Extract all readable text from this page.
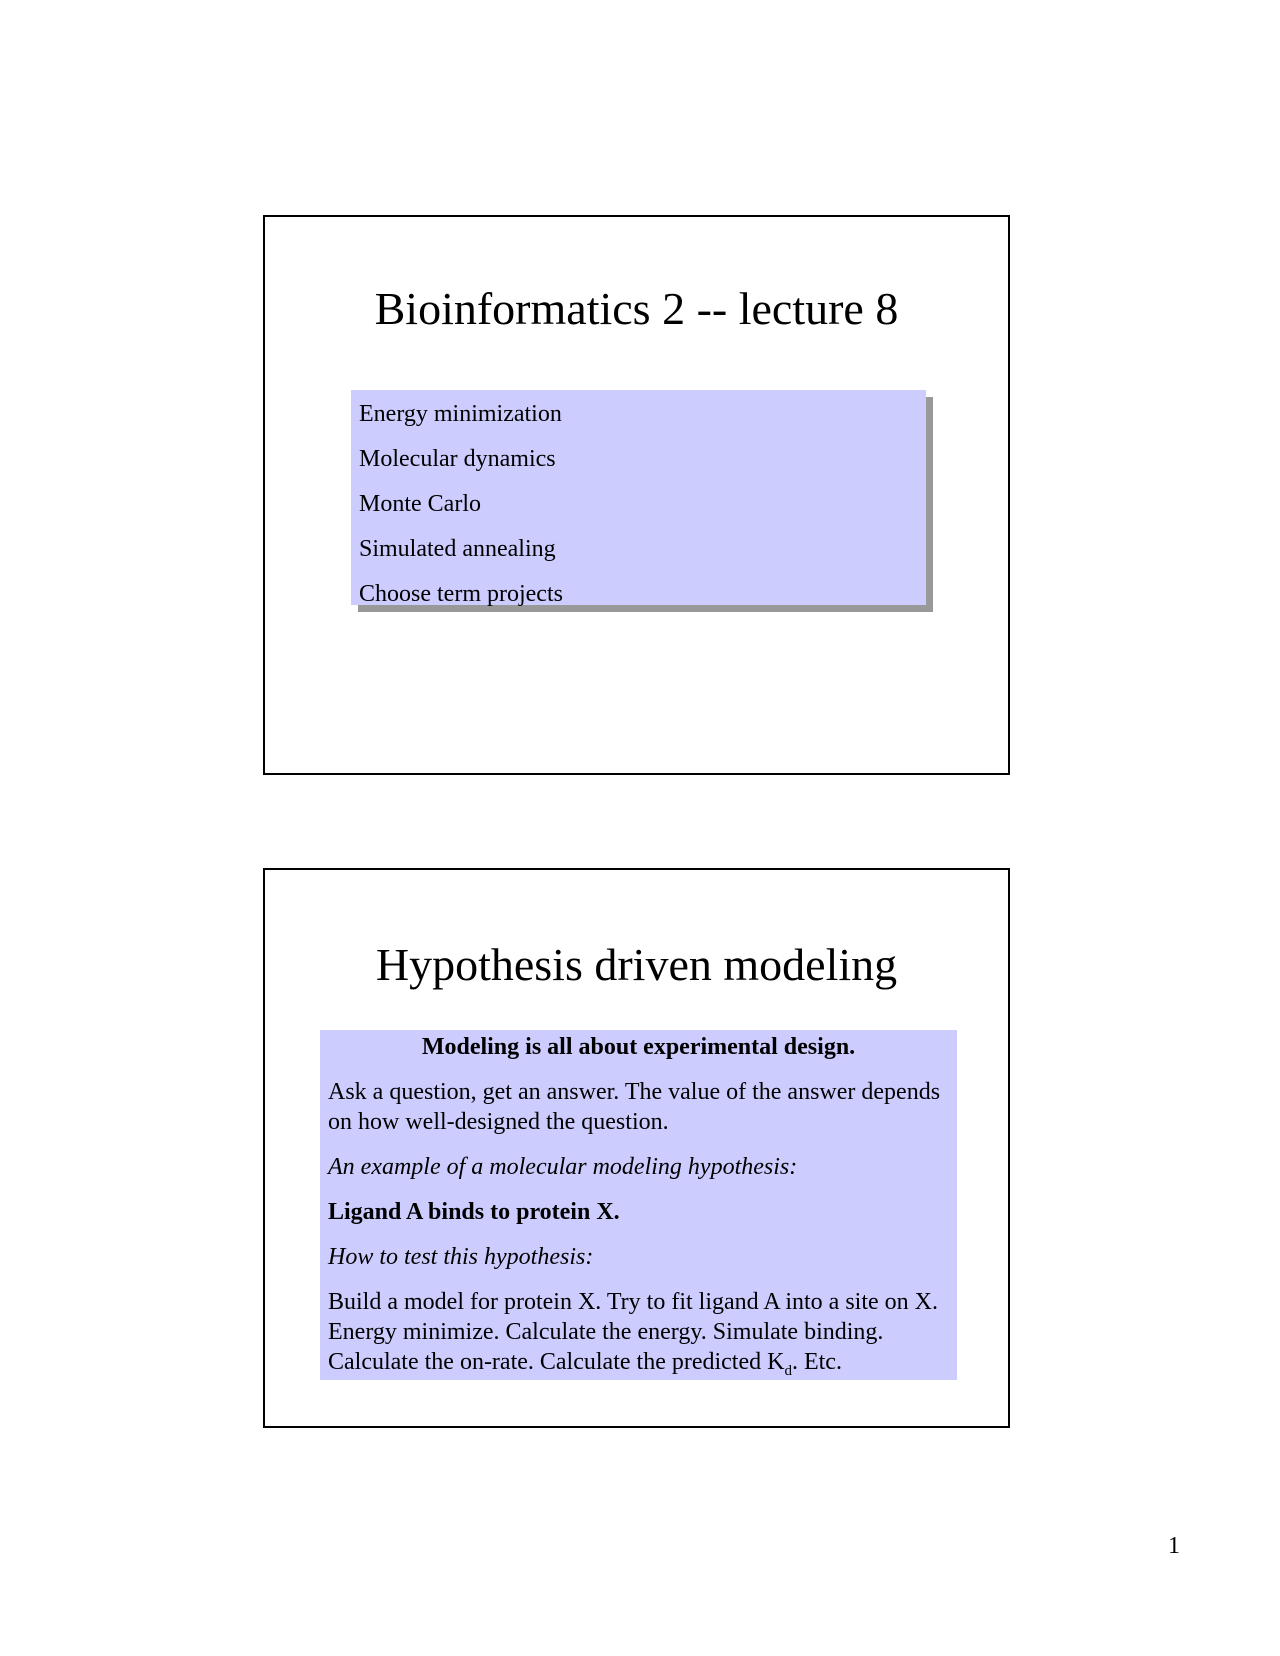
Bioinformatics 2 -- lecture 8
Energy minimization
Molecular dynamics
Monte Carlo
Simulated annealing
Choose term projects
Hypothesis driven modeling

Modeling is all about experimental design.

Ask a question, get an answer. The value of the answer depends on how well-designed the question.

An example of a molecular modeling hypothesis:

Ligand A binds to protein X.

How to test this hypothesis:

Build a model for protein X. Try to fit ligand A into a site on X. Energy minimize. Calculate the energy. Simulate binding. Calculate the on-rate. Calculate the predicted $K_d$. Etc.

1
